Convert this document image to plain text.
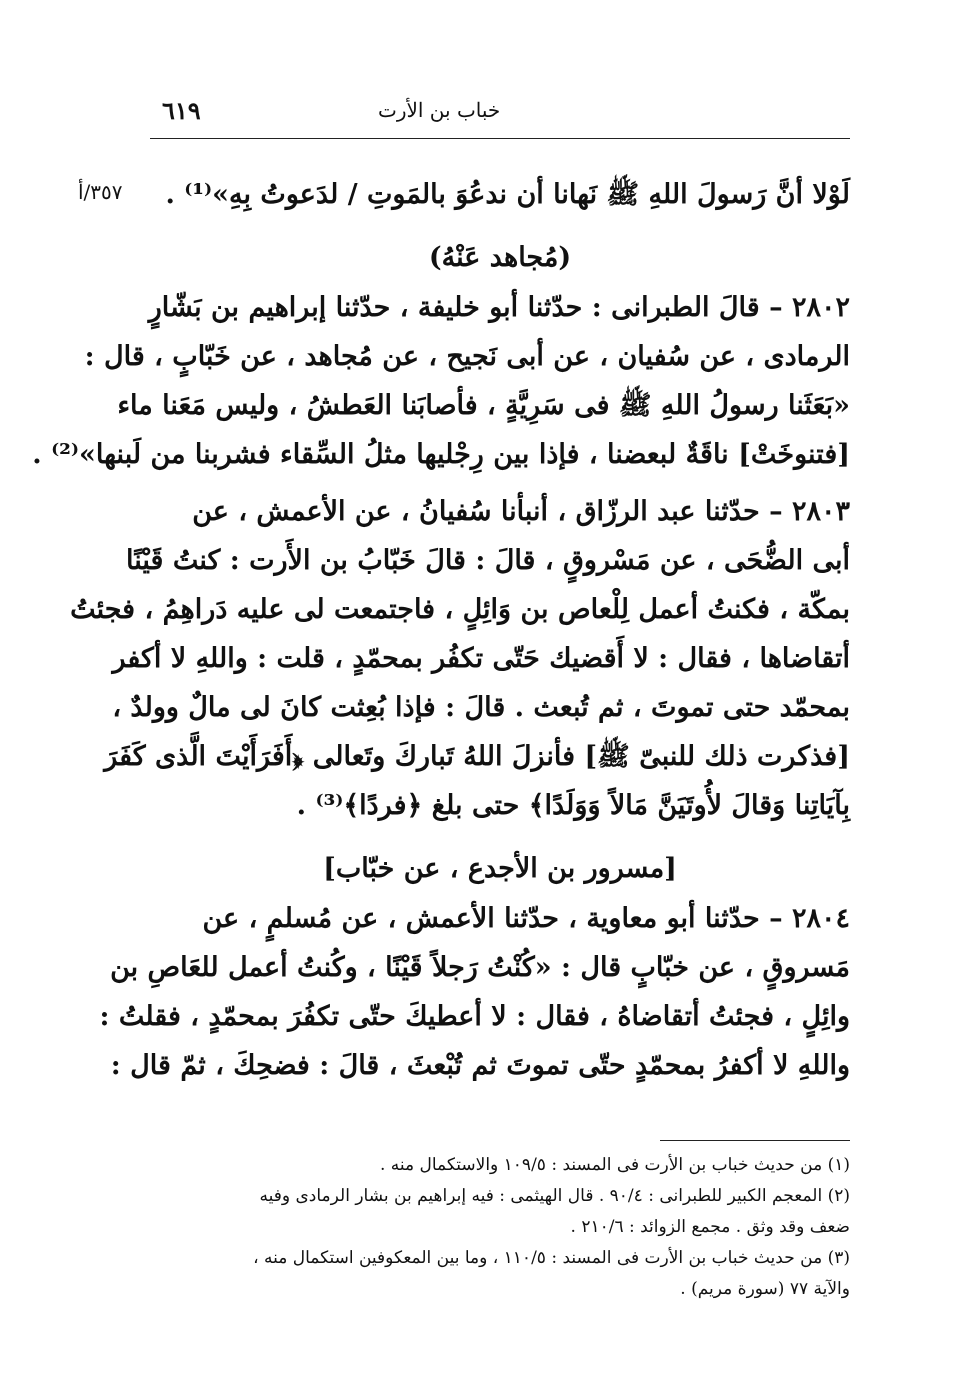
٦١٩	خباب بن الأرت
٣٥٧/أ	لَوْلا أنَّ رَسولَ اللهِ ﷺ نَهانا أن ندعُوَ بالمَوتِ / لدَعوتُ بِهِ»⁽¹⁾ .
(مُجاهد عَنْهُ)
٢٨٠٢ – قالَ الطبرانى : حدّثنا أبو خليفة ، حدّثنا إبراهيم بن بَشّارٍ
الرمادى ، عن سُفيان ، عن أبى نَجيح ، عن مُجاهد ، عن خَبّابٍ ، قال :
«بَعَثَنا رسولُ اللهِ ﷺ فى سَرِيَّةٍ ، فأصابَنا العَطشُ ، وليس مَعَنا ماء
[فتنوخَتْ] ناقَةٌ لبعضنا ، فإذا بين رِجْليها مثلُ السِّقاء فشربنا من لَبنها»⁽²⁾ .
٢٨٠٣ – حدّثنا عبد الرزّاق ، أنبأنا سُفيانُ ، عن الأعمش ، عن
أبى الضُّحَى ، عن مَسْروقٍ ، قالَ : قالَ خَبّابُ بن الأَرت : كنتُ قَيْنًا
بمكّة ، فكنتُ أعمل لِلْعاص بن وَائِلٍ ، فاجتمعت لى عليه دَراهِمُ ، فجئتُ
أتقاضاها ، فقال : لا أَقضيك حَتّى تكفُر بمحمّدٍ ، قلت : واللهِ لا أكفر
بمحمّد حتى تموتَ ، ثم تُبعث . قالَ : فإذا بُعِثت كانَ لى مالٌ وولدٌ ،
[فذكرت ذلك للنبىّ ﷺ] فأنزلَ اللهُ تَباركَ وتَعالى ﴿أَفَرَأَيْتَ الَّذى كَفَرَ
بِآيَاتِنا وَقالَ لأُوتَيَنَّ مَالاً وَوَلَدًا﴾ حتى بلغ ﴿فردًا﴾⁽³⁾ .
[مسرور بن الأجدع ، عن خبّاب]
٢٨٠٤ – حدّثنا أبو معاوية ، حدّثنا الأعمش ، عن مُسلمٍ ، عن
مَسروقٍ ، عن خبّابٍ قال : «كُنْتُ رَجلاً قَيْنًا ، وكُنتُ أعمل للعَاصِ بن
وائِلٍ ، فجئتُ أتقاضاهُ ، فقال : لا أعطيكَ حتّى تكفُرَ بمحمّدٍ ، فقلتُ :
واللهِ لا أكفرُ بمحمّدٍ حتّى تموتَ ثم تُبْعثَ ، قالَ : فضحِكَ ، ثمّ قال :
(١) من حديث خباب بن الأرت فى المسند : ١٠٩/٥ والاستكمال منه .
(٢) المعجم الكبير للطبرانى : ٩٠/٤ . قال الهيثمى : فيه إبراهيم بن بشار الرمادى وفيه
ضعف وقد وثق . مجمع الزوائد : ٢١٠/٦ .
(٣) من حديث خباب بن الأرت فى المسند : ١١٠/٥ ، وما بين المعكوفين استكمال منه ،
والآية ٧٧ (سورة مريم) .
